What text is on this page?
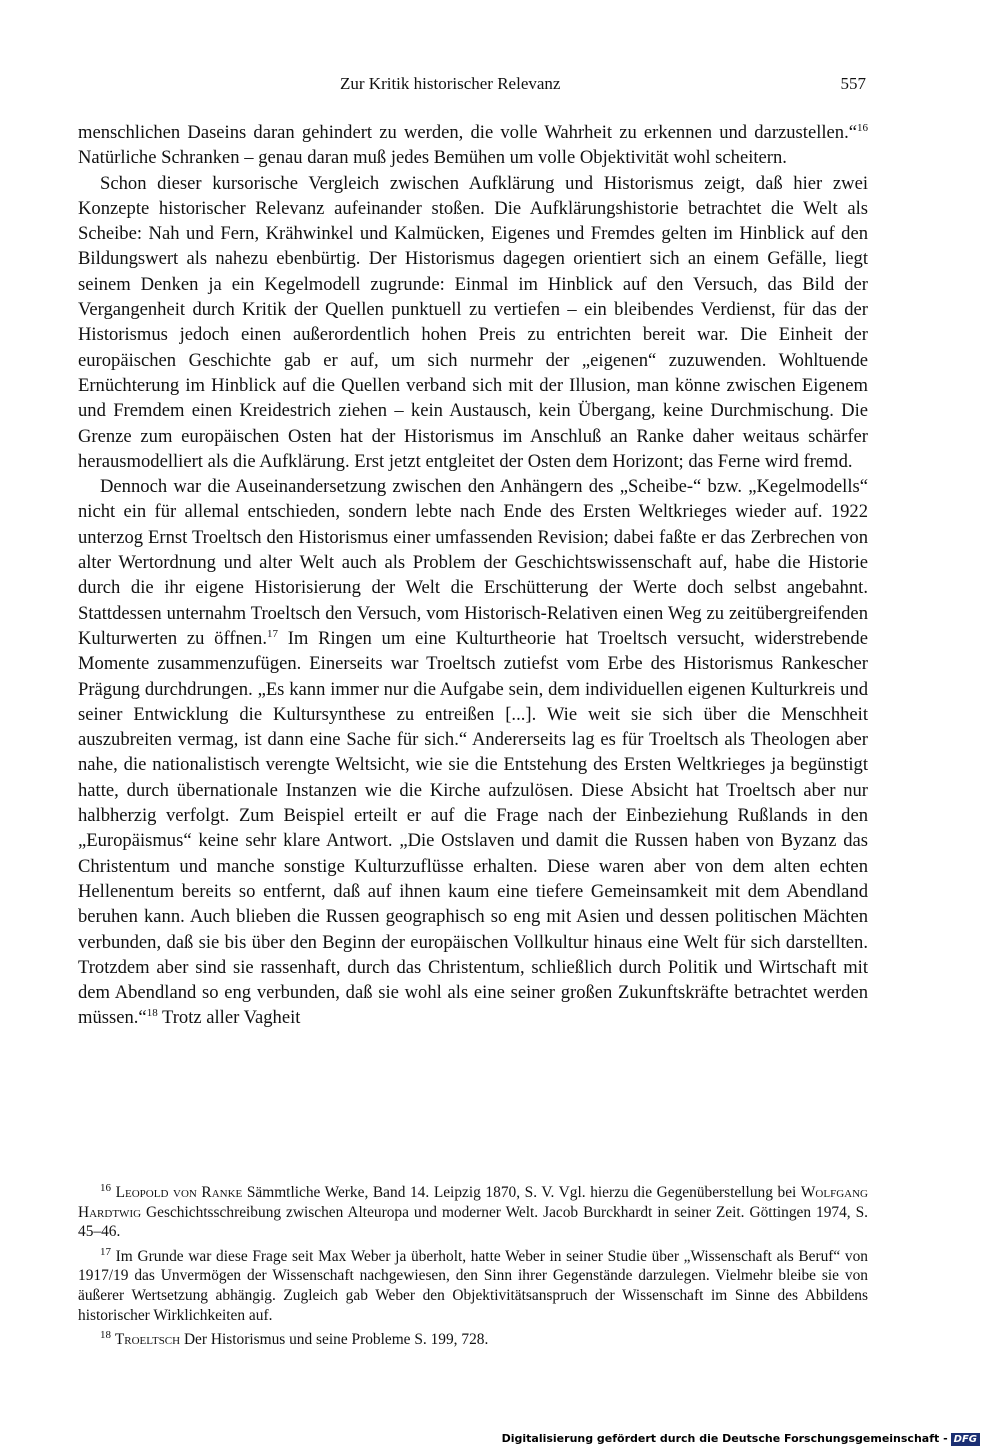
Zur Kritik historischer Relevanz	557

menschlichen Daseins daran gehindert zu werden, die volle Wahrheit zu erkennen und darzustellen.“$^{16}$ Natürliche Schranken – genau daran muß jedes Bemühen um volle Objektivität wohl scheitern.

Schon dieser kursorische Vergleich zwischen Aufklärung und Historismus zeigt, daß hier zwei Konzepte historischer Relevanz aufeinander stoßen. Die Aufklärungshistorie betrachtet die Welt als Scheibe: Nah und Fern, Krähwinkel und Kalmücken, Eigenes und Fremdes gelten im Hinblick auf den Bildungswert als nahezu ebenbürtig. Der Historismus dagegen orientiert sich an einem Gefälle, liegt seinem Denken ja ein Kegelmodell zugrunde: Einmal im Hinblick auf den Versuch, das Bild der Vergangenheit durch Kritik der Quellen punktuell zu vertiefen – ein bleibendes Verdienst, für das der Historismus jedoch einen außerordentlich hohen Preis zu entrichten bereit war. Die Einheit der europäischen Geschichte gab er auf, um sich nurmehr der „eigenen“ zuzuwenden. Wohltuende Ernüchterung im Hinblick auf die Quellen verband sich mit der Illusion, man könne zwischen Eigenem und Fremdem einen Kreidestrich ziehen – kein Austausch, kein Übergang, keine Durchmischung. Die Grenze zum europäischen Osten hat der Historismus im Anschluß an Ranke daher weitaus schärfer herausmodelliert als die Aufklärung. Erst jetzt entgleitet der Osten dem Horizont; das Ferne wird fremd.

Dennoch war die Auseinandersetzung zwischen den Anhängern des „Scheibe-“ bzw. „Kegelmodells“ nicht ein für allemal entschieden, sondern lebte nach Ende des Ersten Weltkrieges wieder auf. 1922 unterzog Ernst Troeltsch den Historismus einer umfassenden Revision; dabei faßte er das Zerbrechen von alter Wertordnung und alter Welt auch als Problem der Geschichtswissenschaft auf, habe die Historie durch die ihr eigene Historisierung der Welt die Erschütterung der Werte doch selbst angebahnt. Stattdessen unternahm Troeltsch den Versuch, vom Historisch-Relativen einen Weg zu zeitübergreifenden Kulturwerten zu öffnen.$^{17}$ Im Ringen um eine Kulturtheorie hat Troeltsch versucht, widerstrebende Momente zusammenzufügen. Einerseits war Troeltsch zutiefst vom Erbe des Historismus Rankescher Prägung durchdrungen. „Es kann immer nur die Aufgabe sein, dem individuellen eigenen Kulturkreis und seiner Entwicklung die Kultursynthese zu entreißen [...]. Wie weit sie sich über die Menschheit auszubreiten vermag, ist dann eine Sache für sich.“ Andererseits lag es für Troeltsch als Theologen aber nahe, die nationalistisch verengte Weltsicht, wie sie die Entstehung des Ersten Weltkrieges ja begünstigt hatte, durch übernationale Instanzen wie die Kirche aufzulösen. Diese Absicht hat Troeltsch aber nur halbherzig verfolgt. Zum Beispiel erteilt er auf die Frage nach der Einbeziehung Rußlands in den „Europäismus“ keine sehr klare Antwort. „Die Ostslaven und damit die Russen haben von Byzanz das Christentum und manche sonstige Kulturzuflüsse erhalten. Diese waren aber von dem alten echten Hellenentum bereits so entfernt, daß auf ihnen kaum eine tiefere Gemeinsamkeit mit dem Abendland beruhen kann. Auch blieben die Russen geographisch so eng mit Asien und dessen politischen Mächten verbunden, daß sie bis über den Beginn der europäischen Vollkultur hinaus eine Welt für sich darstellten. Trotzdem aber sind sie rassenhaft, durch das Christentum, schließlich durch Politik und Wirtschaft mit dem Abendland so eng verbunden, daß sie wohl als eine seiner großen Zukunftskräfte betrachtet werden müssen.“$^{18}$ Trotz aller Vagheit

$^{16}$ Leopold von Ranke Sämmtliche Werke, Band 14. Leipzig 1870, S. V. Vgl. hierzu die Gegenüberstellung bei Wolfgang Hardtwig Geschichtsschreibung zwischen Alteuropa und moderner Welt. Jacob Burckhardt in seiner Zeit. Göttingen 1974, S. 45–46.

$^{17}$ Im Grunde war diese Frage seit Max Weber ja überholt, hatte Weber in seiner Studie über „Wissenschaft als Beruf“ von 1917/19 das Unvermögen der Wissenschaft nachgewiesen, den Sinn ihrer Gegenstände darzulegen. Vielmehr bleibe sie von äußerer Wertsetzung abhängig. Zugleich gab Weber den Objektivitätsanspruch der Wissenschaft im Sinne des Abbildens historischer Wirklichkeiten auf.

$^{18}$ Troeltsch Der Historismus und seine Probleme S. 199, 728.

Digitalisierung gefördert durch die Deutsche Forschungsgemeinschaft - DFG
